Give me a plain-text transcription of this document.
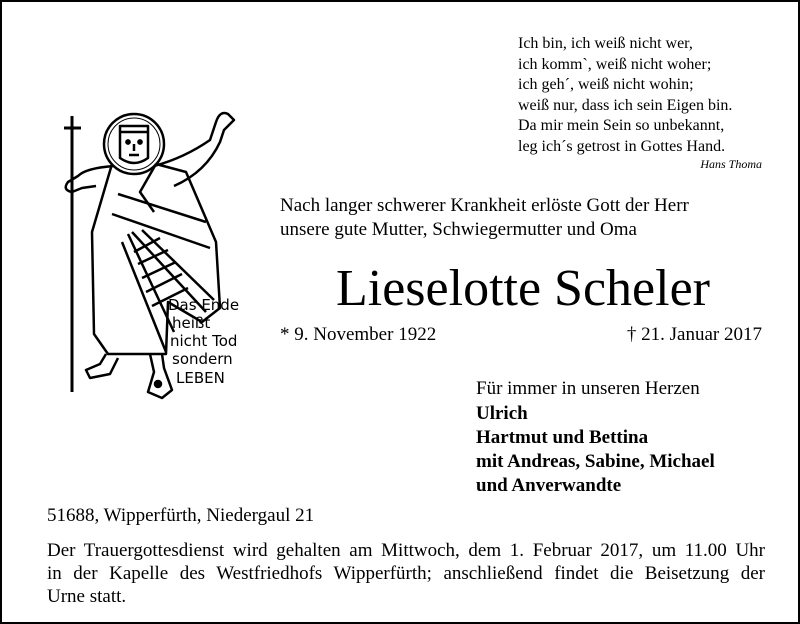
Ich bin, ich weiß nicht wer,
ich komm`, weiß nicht woher;
ich geh´, weiß nicht wohin;
weiß nur, dass ich sein Eigen bin.
Da mir mein Sein so unbekannt,
leg ich´s getrost in Gottes Hand.
Hans Thoma
Das Ende
heißt
nicht Tod
sondern
LEBEN
Nach langer schwerer Krankheit erlöste Gott der Herr
unsere gute Mutter, Schwiegermutter und Oma
Lieselotte Scheler
* 9. November 1922	† 21. Januar 2017
Für immer in unseren Herzen
Ulrich
Hartmut und Bettina
mit Andreas, Sabine, Michael
und Anverwandte
51688, Wipperfürth, Niedergaul 21
Der Trauergottesdienst wird gehalten am Mittwoch, dem 1. Februar 2017, um 11.00 Uhr
in der Kapelle des Westfriedhofs Wipperfürth; anschließend findet die Beisetzung der
Urne statt.
